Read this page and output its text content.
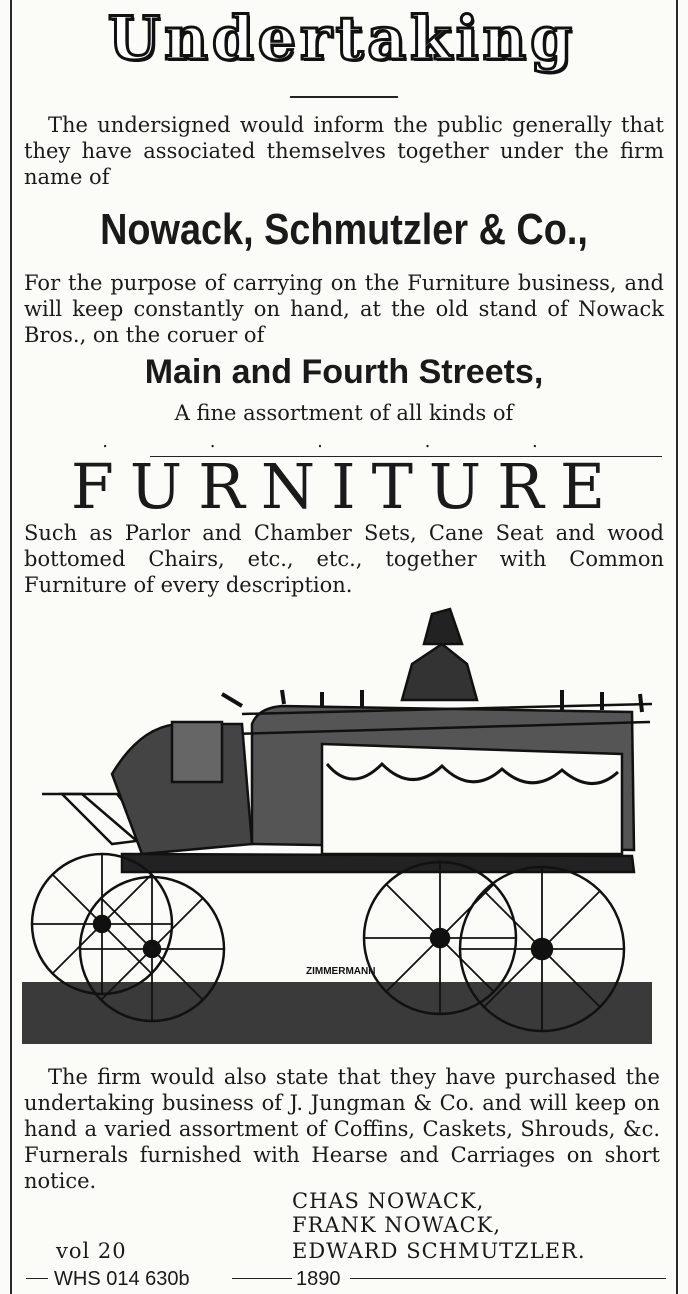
Undertaking

The undersigned would inform the public generally that they have associated themselves together under the firm name of

Nowack, Schmutzler & Co.,

For the purpose of carrying on the Furniture business, and will keep constantly on hand, at the old stand of Nowack Bros., on the coruer of

Main and Fourth Streets,
A fine assortment of all kinds of
. . . . .
FURNITURE

Such as Parlor and Chamber Sets, Cane Seat and wood bottomed Chairs, etc., etc., together with Common Furniture of every description.

ZIMMERMANN

The firm would also state that they have purchased the undertaking business of J. Jungman & Co. and will keep on hand a varied assortment of Coffins, Caskets, Shrouds, &c. Furnerals furnished with Hearse and Carriages on short notice.

CHAS NOWACK,
FRANK NOWACK,
vol 20	EDWARD SCHMUTZLER.
WHS 014 630b	1890
